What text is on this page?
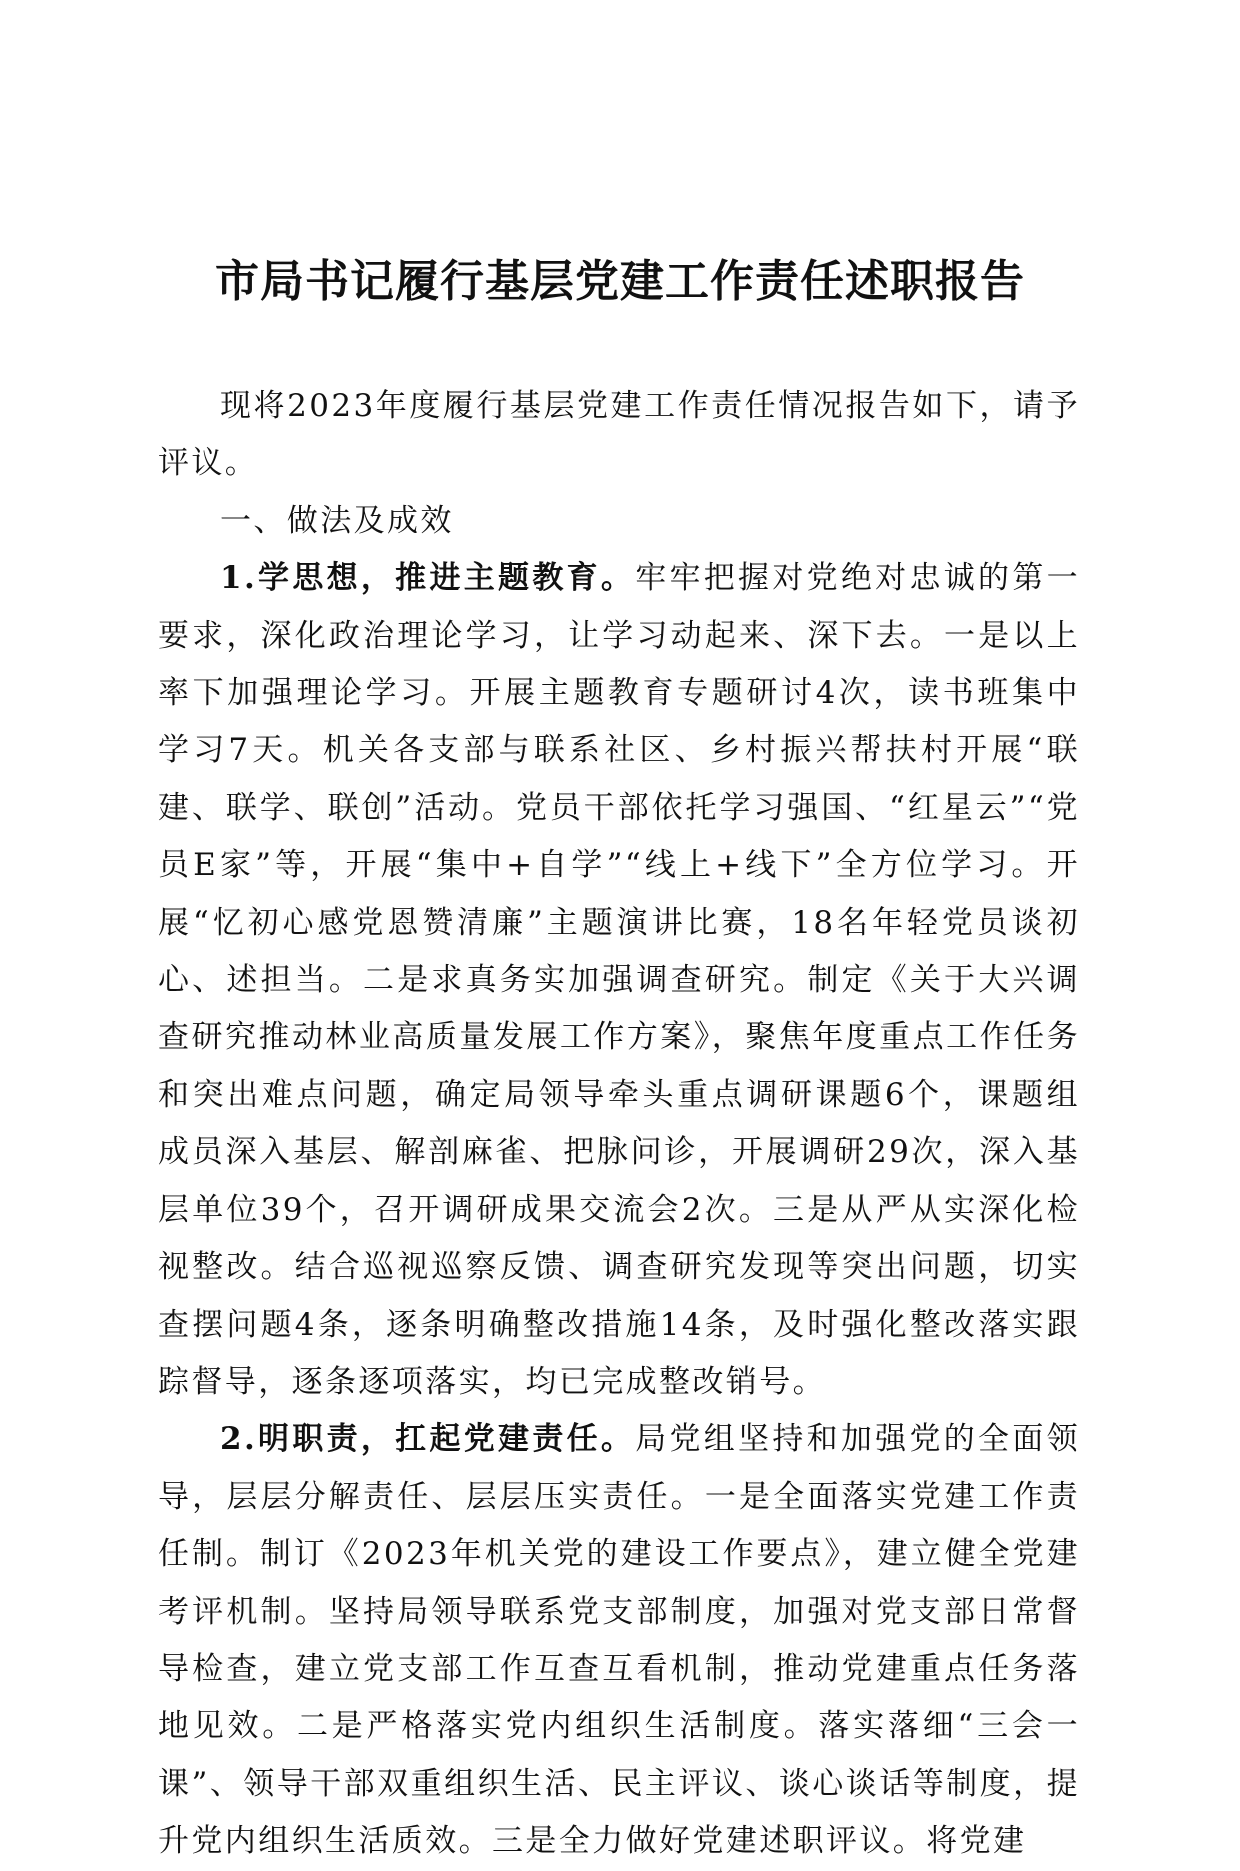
市局书记履行基层党建工作责任述职报告

现将2023年度履行基层党建工作责任情况报告如下，请予评议。

一、做法及成效

1.学思想，推进主题教育。牢牢把握对党绝对忠诚的第一要求，深化政治理论学习，让学习动起来、深下去。一是以上率下加强理论学习。开展主题教育专题研讨4次，读书班集中学习7天。机关各支部与联系社区、乡村振兴帮扶村开展“联建、联学、联创”活动。党员干部依托学习强国、“红星云”“党员E家”等，开展“集中+自学”“线上+线下”全方位学习。开展“忆初心感党恩赞清廉”主题演讲比赛，18名年轻党员谈初心、述担当。二是求真务实加强调查研究。制定《关于大兴调查研究推动林业高质量发展工作方案》，聚焦年度重点工作任务和突出难点问题，确定局领导牵头重点调研课题6个，课题组成员深入基层、解剖麻雀、把脉问诊，开展调研29次，深入基层单位39个，召开调研成果交流会2次。三是从严从实深化检视整改。结合巡视巡察反馈、调查研究发现等突出问题，切实查摆问题4条，逐条明确整改措施14条，及时强化整改落实跟踪督导，逐条逐项落实，均已完成整改销号。

2.明职责，扛起党建责任。局党组坚持和加强党的全面领导，层层分解责任、层层压实责任。一是全面落实党建工作责任制。制订《2023年机关党的建设工作要点》，建立健全党建考评机制。坚持局领导联系党支部制度，加强对党支部日常督导检查，建立党支部工作互查互看机制，推动党建重点任务落地见效。二是严格落实党内组织生活制度。落实落细“三会一课”、领导干部双重组织生活、民主评议、谈心谈话等制度，提升党内组织生活质效。三是全力做好党建述职评议。将党建
